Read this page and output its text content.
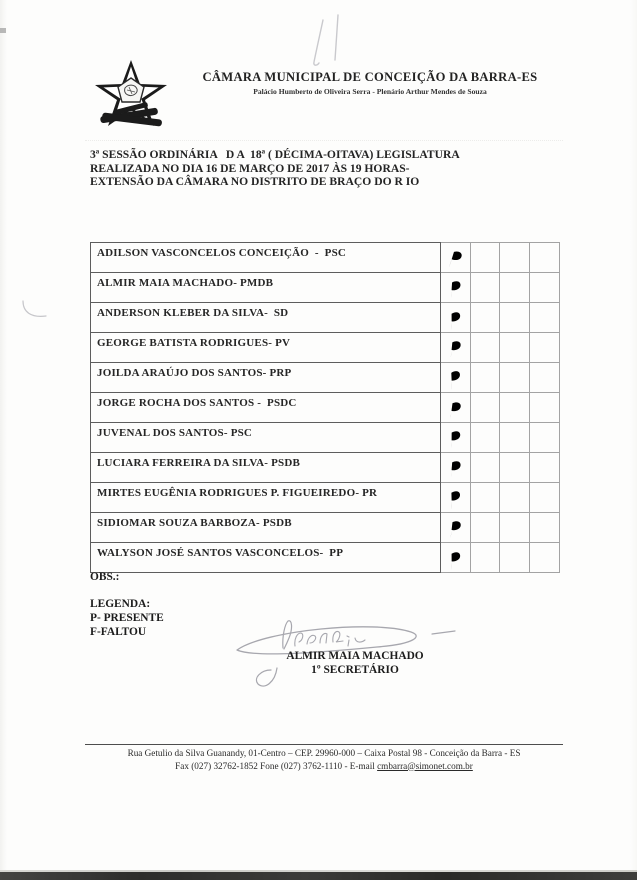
CÂMARA MUNICIPAL DE CONCEIÇÃO DA BARRA-ES
Palácio Humberto de Oliveira Serra - Plenário Arthur Mendes de Souza
3ª SESSÃO ORDINÁRIA   D A  18ª ( DÉCIMA-OITAVA) LEGISLATURA
REALIZADA NO DIA 16 DE MARÇO DE 2017 ÀS 19 HORAS-
EXTENSÃO DA CÂMARA NO DISTRITO DE BRAÇO DO R IO
ADILSON VASCONCELOS CONCEIÇÃO  -  PSC	

ALMIR MAIA MACHADO- PMDB	

ANDERSON KLEBER DA SILVA-  SD	

GEORGE BATISTA RODRIGUES- PV	

JOILDA ARAÚJO DOS SANTOS- PRP	

JORGE ROCHA DOS SANTOS -  PSDC	

JUVENAL DOS SANTOS- PSC	

LUCIARA FERREIRA DA SILVA- PSDB	

MIRTES EUGÊNIA RODRIGUES P. FIGUEIREDO- PR	

SIDIOMAR SOUZA BARBOZA- PSDB	

WALYSON JOSÉ SANTOS VASCONCELOS-  PP	

OBS.:
LEGENDA:
P- PRESENTE
F-FALTOU
ALMIR MAIA MACHADO
1º SECRETÁRIO
Rua Getulio da Silva Guanandy, 01-Centro – CEP. 29960-000 – Caixa Postal 98 - Conceição da Barra - ES
Fax (027) 32762-1852 Fone (027) 3762-1110 - E-mail cmbarra@simonet.com.br
